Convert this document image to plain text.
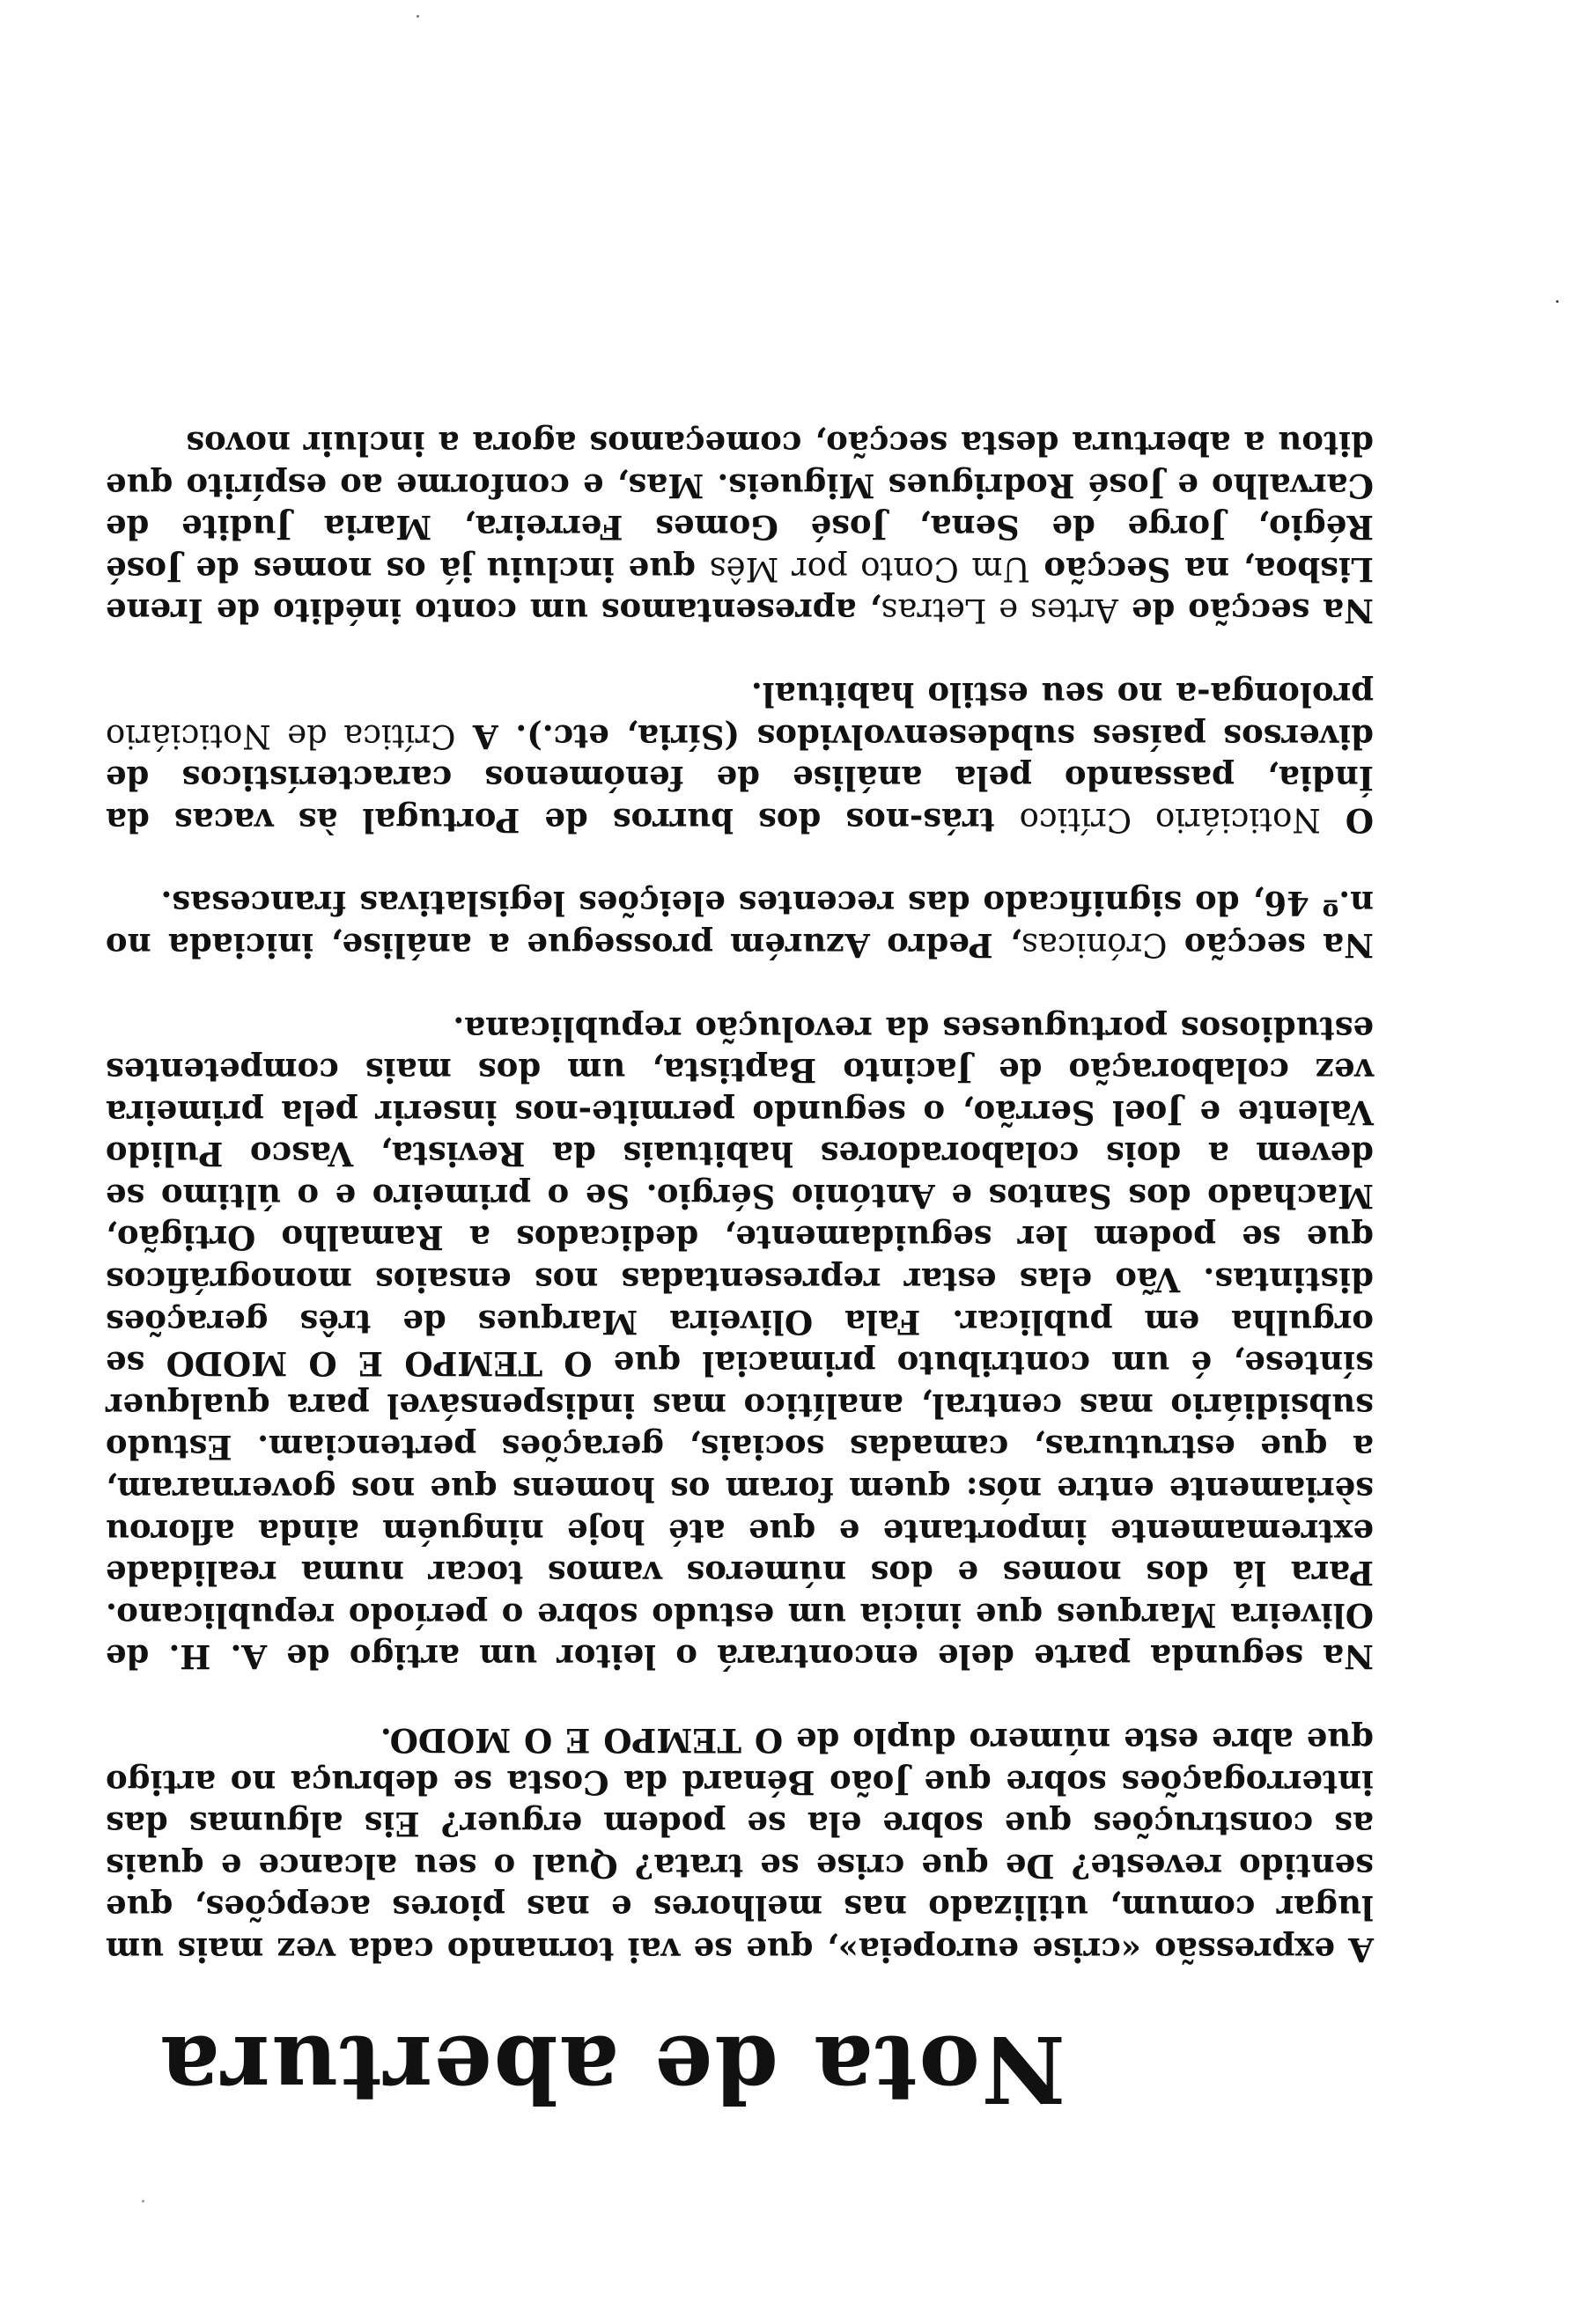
Nota de abertura

A expressão «crise europeia», que se vai tornando cada vez mais um lugar comum, utilizado nas melhores e nas piores acepções, que sentido reveste? De que crise se trata? Qual o seu alcance e quais as construções que sobre ela se podem erguer? Eis algumas das interrogações sobre que João Bénard da Costa se debruça no artigo que abre este número duplo de O TEMPO E O MODO.

Na segunda parte dele encontrará o leitor um artigo de A. H. de Oliveira Marques que inicia um estudo sobre o período republicano. Para lá dos nomes e dos números vamos tocar numa realidade extremamente importante e que até hoje ninguém ainda aflorou sèriamente entre nós: quem foram os homens que nos governaram, a que estruturas, camadas sociais, gerações pertenciam. Estudo subsidiário mas central, analítico mas indispensável para qualquer síntese, é um contributo primacial que O TEMPO E O MODO se orgulha em publicar. Fala Oliveira Marques de três gerações distintas. Vão elas estar representadas nos ensaios monográficos que se podem ler seguidamente, dedicados a Ramalho Ortigão, Machado dos Santos e António Sérgio. Se o primeiro e o último se devem a dois colaboradores habituais da Revista, Vasco Pulido Valente e Joel Serrão, o segundo permite-nos inserir pela primeira vez colaboração de Jacinto Baptista, um dos mais competentes estudiosos portugueses da revolução republicana.

Na secção Crónicas, Pedro Azurém prossegue a análise, iniciada no n.º 46, do significado das recentes eleições legislativas francesas.

O Noticiário Crítico trás-nos dos burros de Portugal às vacas da Índia, passando pela análise de fenómenos característicos de diversos países subdesenvolvidos (Síria, etc.). A Crítica de Noticiário prolonga-a no seu estilo habitual.

Na secção de Artes e Letras, apresentamos um conto inédito de Irene Lisboa, na Secção Um Conto por Mês que incluiu já os nomes de José Régio, Jorge de Sena, José Gomes Ferreira, Maria Judite de Carvalho e José Rodrigues Migueis. Mas, e conforme ao espírito que ditou a abertura desta secção, começamos agora a incluir novos
